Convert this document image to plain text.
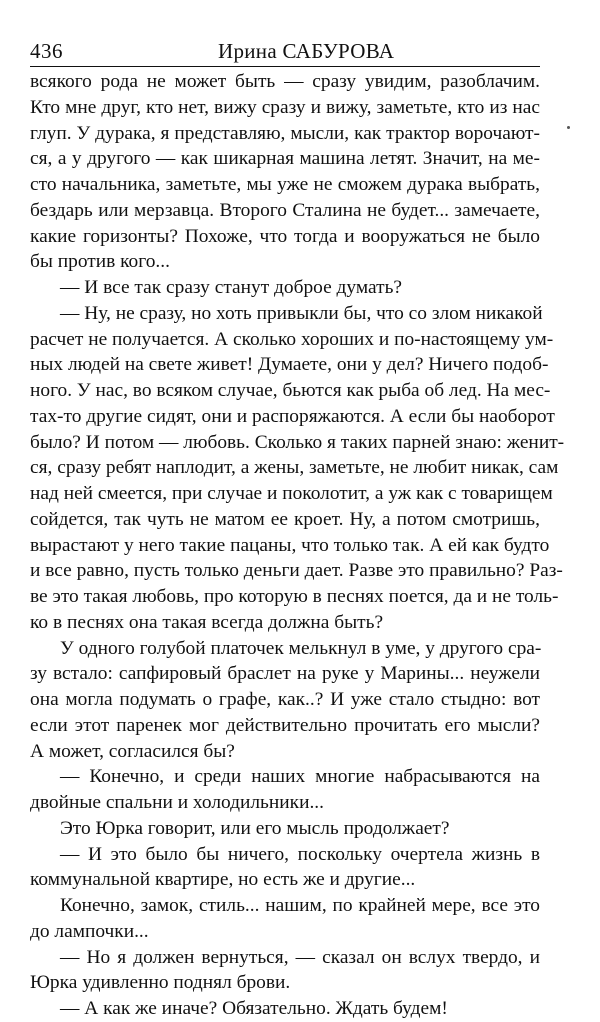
436	Ирина САБУРОВА
всякого рода не может быть — сразу увидим, разоблачим.
Кто мне друг, кто нет, вижу сразу и вижу, заметьте, кто из нас
глуп. У дурака, я представляю, мысли, как трактор ворочают-
ся, а у другого — как шикарная машина летят. Значит, на ме-
сто начальника, заметьте, мы уже не сможем дурака выбрать,
бездарь или мерзавца. Второго Сталина не будет... замечаете,
какие горизонты? Похоже, что тогда и вооружаться не было
бы против кого...
— И все так сразу станут доброе думать?
— Ну, не сразу, но хоть привыкли бы, что со злом никакой
расчет не получается. А сколько хороших и по-настоящему ум-
ных людей на свете живет! Думаете, они у дел? Ничего подоб-
ного. У нас, во всяком случае, бьются как рыба об лед. На мес-
тах-то другие сидят, они и распоряжаются. А если бы наоборот
было? И потом — любовь. Сколько я таких парней знаю: женит-
ся, сразу ребят наплодит, а жены, заметьте, не любит никак, сам
над ней смеется, при случае и поколотит, а уж как с товарищем
сойдется, так чуть не матом ее кроет. Ну, а потом смотришь,
вырастают у него такие пацаны, что только так. А ей как будто
и все равно, пусть только деньги дает. Разве это правильно? Раз-
ве это такая любовь, про которую в песнях поется, да и не толь-
ко в песнях она такая всегда должна быть?
У одного голубой платочек мелькнул в уме, у другого сра-
зу встало: сапфировый браслет на руке у Марины... неужели
она могла подумать о графе, как..? И уже стало стыдно: вот
если этот паренек мог действительно прочитать его мысли?
А может, согласился бы?
— Конечно, и среди наших многие набрасываются на
двойные спальни и холодильники...
Это Юрка говорит, или его мысль продолжает?
— И это было бы ничего, поскольку очертела жизнь в
коммунальной квартире, но есть же и другие...
Конечно, замок, стиль... нашим, по крайней мере, все это
до лампочки...
— Но я должен вернуться, — сказал он вслух твердо, и
Юрка удивленно поднял брови.
— А как же иначе? Обязательно. Ждать будем!
